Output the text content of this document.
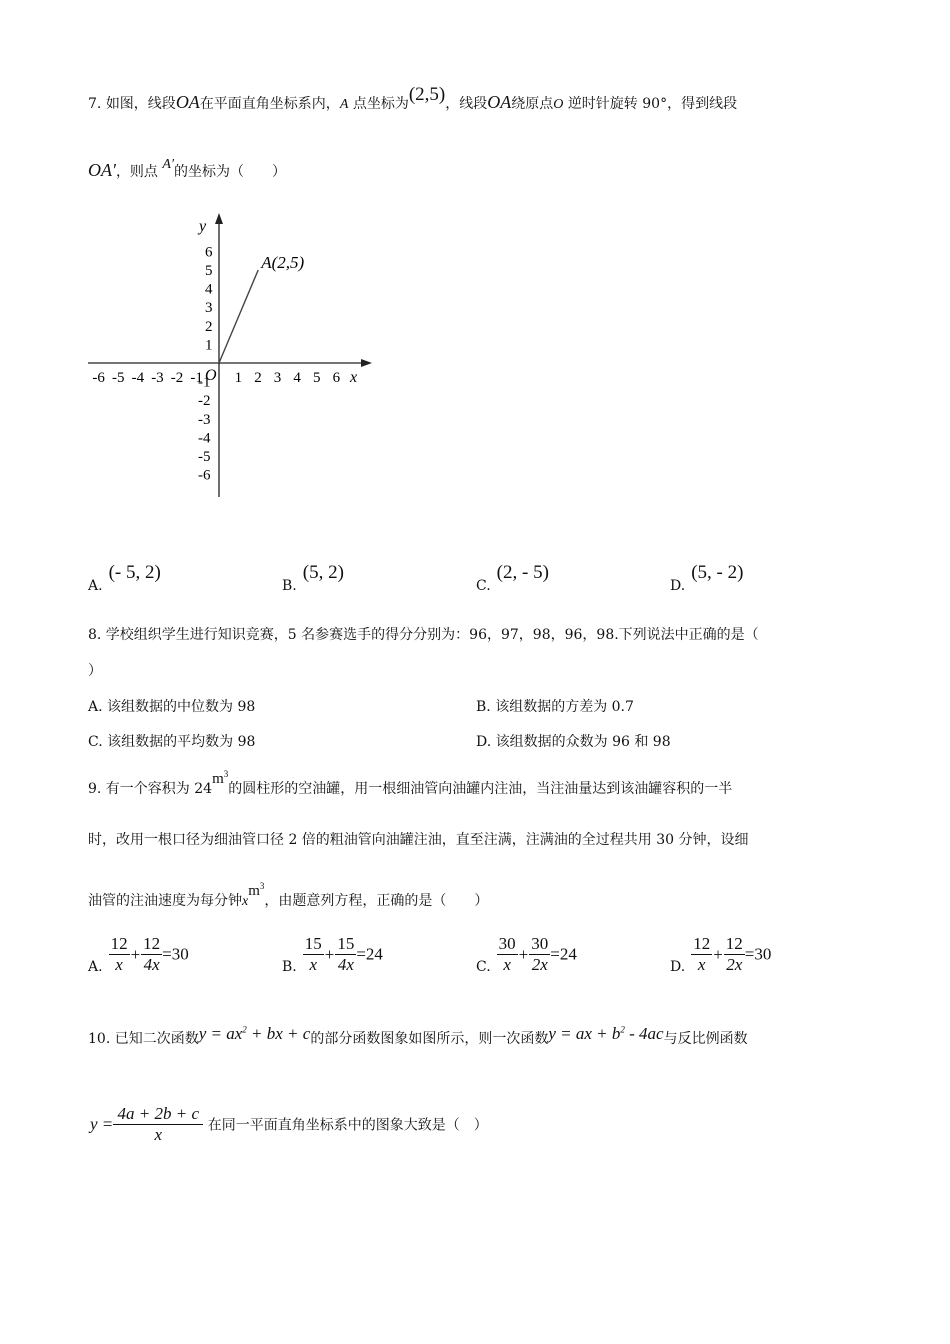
7. 如图，线段OA在平面直角坐标系内，A 点坐标为(2,5)，线段OA绕原点O 逆时针旋转 90°，得到线段
OA′，则点 A′的坐标为（　　）
y
x
O
-6 -5 -4 -3 -2 -1 1 2 3 4 5 6
6
5
4
3
2
1
-1
-2
-3
-4
-5
-6
A(2,5)
A.(- 5, 2)
B.(5, 2)
C.(2, - 5)
D.(5, - 2)
8. 学校组织学生进行知识竞赛，5 名参赛选手的得分分别为：96，97，98，96，98.下列说法中正确的是（
）
A. 该组数据的中位数为 98	B. 该组数据的方差为 0.7
C. 该组数据的平均数为 98	D. 该组数据的众数为 96 和 98
9. 有一个容积为 $24m^3$的圆柱形的空油罐，用一根细油管向油罐内注油，当注油量达到该油罐容积的一半
时，改用一根口径为细油管口径 2 倍的粗油管向油罐注油，直至注满，注满油的全过程共用 30 分钟，设细
油管的注油速度为每分钟$xm^3$，由题意列方程，正确的是（　　）
A. $\frac{12}{x} + \frac{12}{4x} =30$
B. $\frac{15}{x} + \frac{15}{4x} =24$
C. $\frac{30}{x} + \frac{30}{2x} =24$
D. $\frac{12}{x} + \frac{12}{2x} =30$
10. 已知二次函数$y = ax^2$ + bx + c的部分函数图象如图所示，则一次函数y = ax + $b^2 - 4ac$与反比例函数
$y = \frac{4a + 2b + c}{x}$ 在同一平面直角坐标系中的图象大致是（　）
